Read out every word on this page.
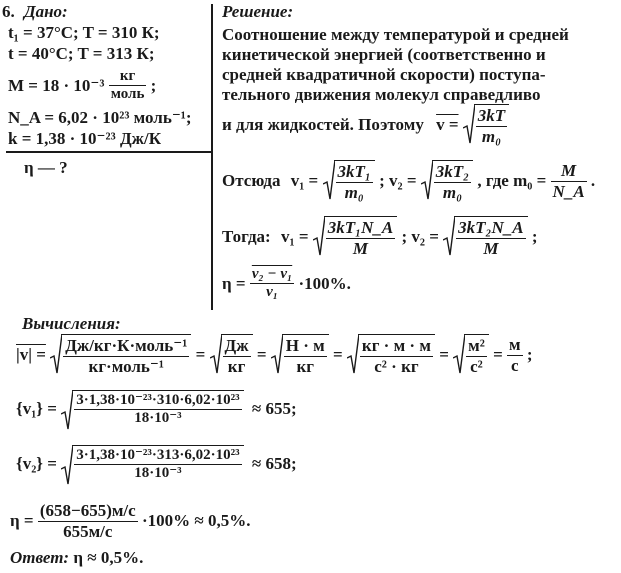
6. Дано:	Решение:
t₁ = 37°C; T = 310 К;
t = 40°C; T = 313 К;
$M = 18 \cdot 10^{-3} \frac{кг}{\text{моль}}$ ;
N_A = 6,02 · 10²³ моль⁻¹;
k = 1,38 · 10⁻²³ Дж/К
η — ?
Соотношение между температурой и средней
кинетической энергией (соответственно и
средней квадратичной скорости) поступа-
тельного движения молекул справедливо
и для жидкостей. Поэтому $v = \frac{3kT}{\text{m₀}}$
Отсюда $v_1 = \frac{\text{3kT₁}}{\text{m₀}}$ ; $v_2 = \frac{\text{3kT₂}}{\text{m₀}}$ , где $m_0 = \frac{M}{N\_A}$ .
Тогда: $v_1 = \frac{\text{3kT₁N\_A}}{M}$ ; $v_2 = \frac{\text{3kT₂N\_A}}{M}$ ;
$\eta = \frac{\text{v₂ − v₁}}{\text{v₁}} \cdot 100\%$.
Вычисления:
$|v| = \frac{\text{Дж/кг·К·моль⁻¹}}{\text{кг·моль⁻¹}} = \frac{Дж}{кг} = \frac{Н \cdot м}{кг} = \frac{кг \cdot м \cdot м}{\text{с² · кг}} = \frac{\text{м²}}{\text{с²}} = \frac{м}{с}$ ;
$\{v_1\} = \frac{\text{3·1,38·10⁻²³·310·6,02·10²³}}{\text{18·10⁻³}} \approx 655$;
$\{v_2\} = \frac{\text{3·1,38·10⁻²³·313·6,02·10²³}}{\text{18·10⁻³}} \approx 658$;
$\eta = \frac{(658-655)м/с}{655м/с} \cdot 100\% \approx 0,5\%$.
Ответ: η ≈ 0,5%.
